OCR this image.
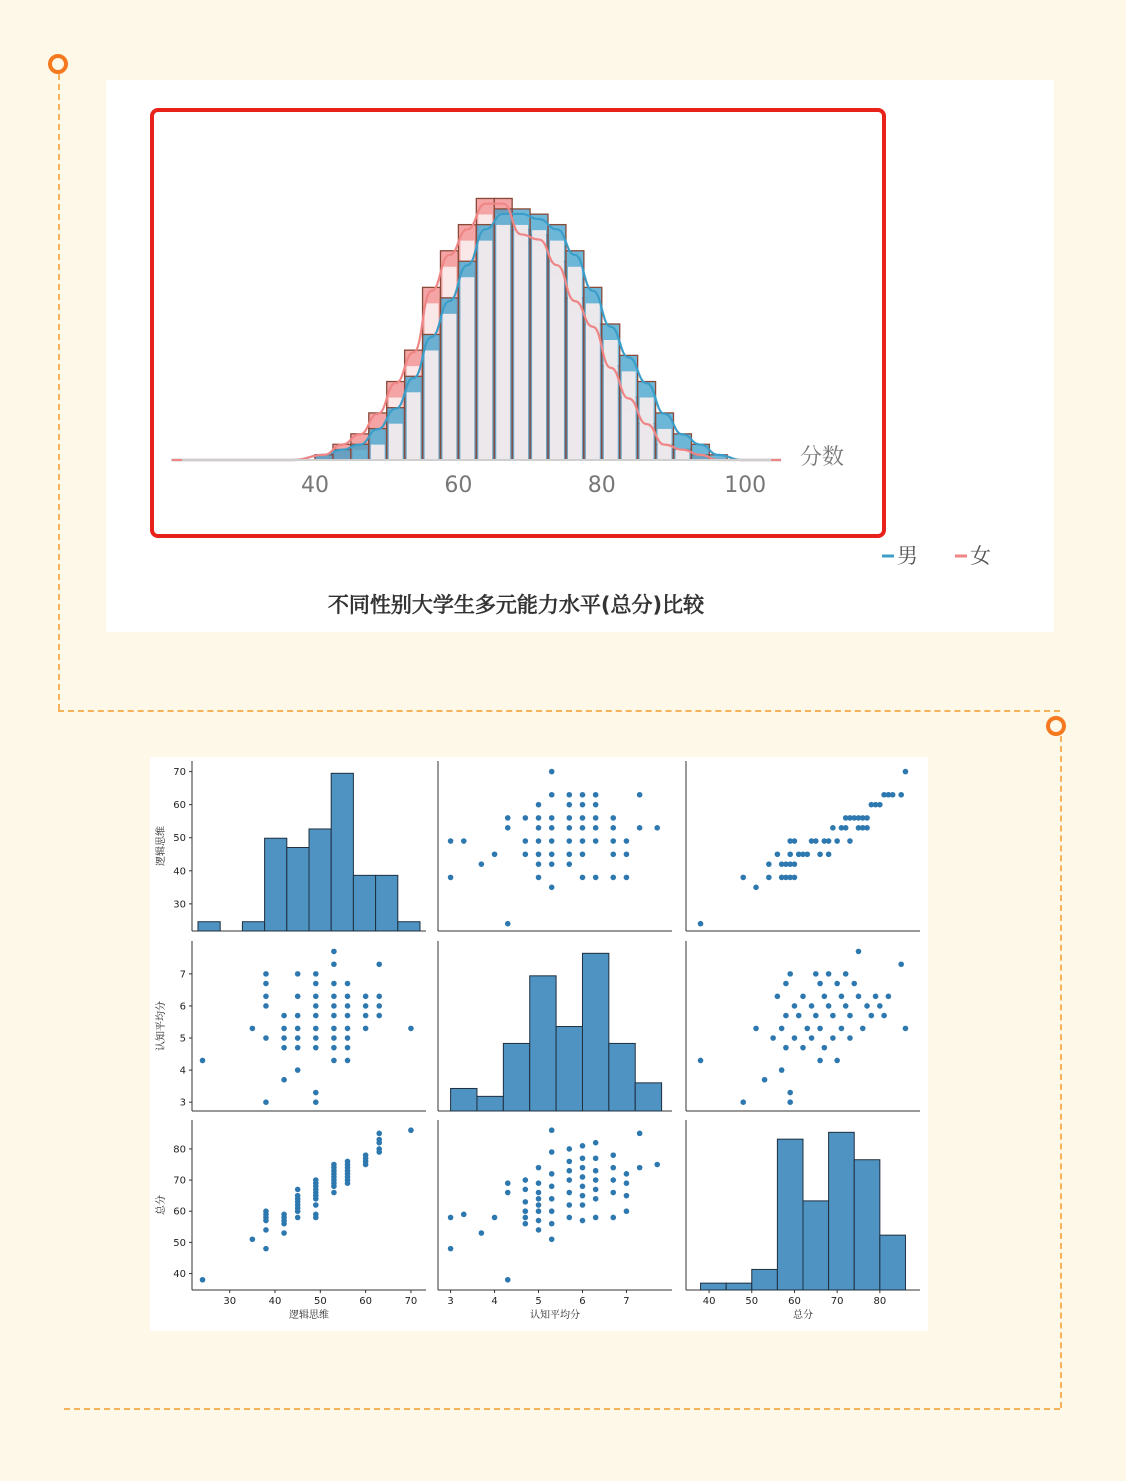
40	60	80	100
分数
男 女
不同性别大学生多元能力水平(总分)比较
30
40
50
60
70
逻辑思维
3
4
5
6
7
认知平均分
40
50
60
70
80
总分
30	40	50	60	70
逻辑思维
3	4	5	6	7
认知平均分
40	50	60	70	80
总分
